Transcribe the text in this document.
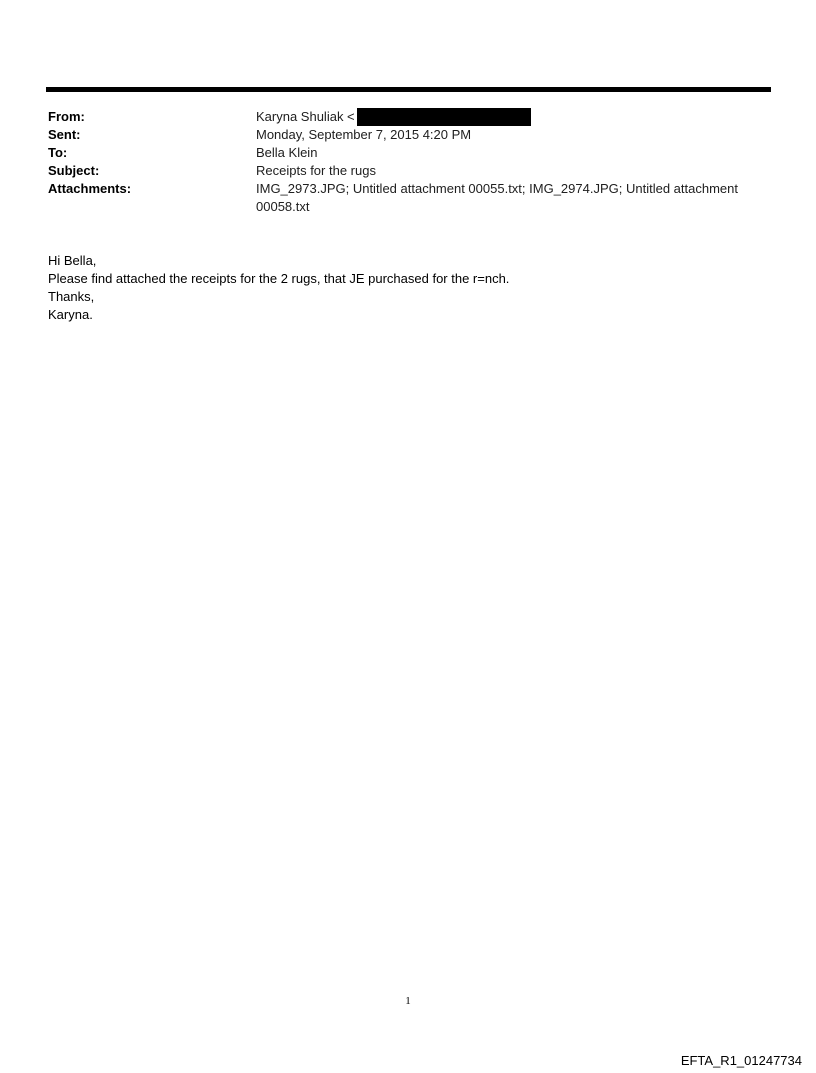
From:	Karyna Shuliak <
Sent:	Monday, September 7, 2015 4:20 PM
To:	Bella Klein
Subject:	Receipts for the rugs
Attachments:	IMG_2973.JPG; Untitled attachment 00055.txt; IMG_2974.JPG; Untitled attachment 00058.txt
Hi Bella,
Please find attached the receipts for the 2 rugs, that JE purchased for the r=nch.
Thanks,
Karyna.
1
EFTA_R1_01247734
